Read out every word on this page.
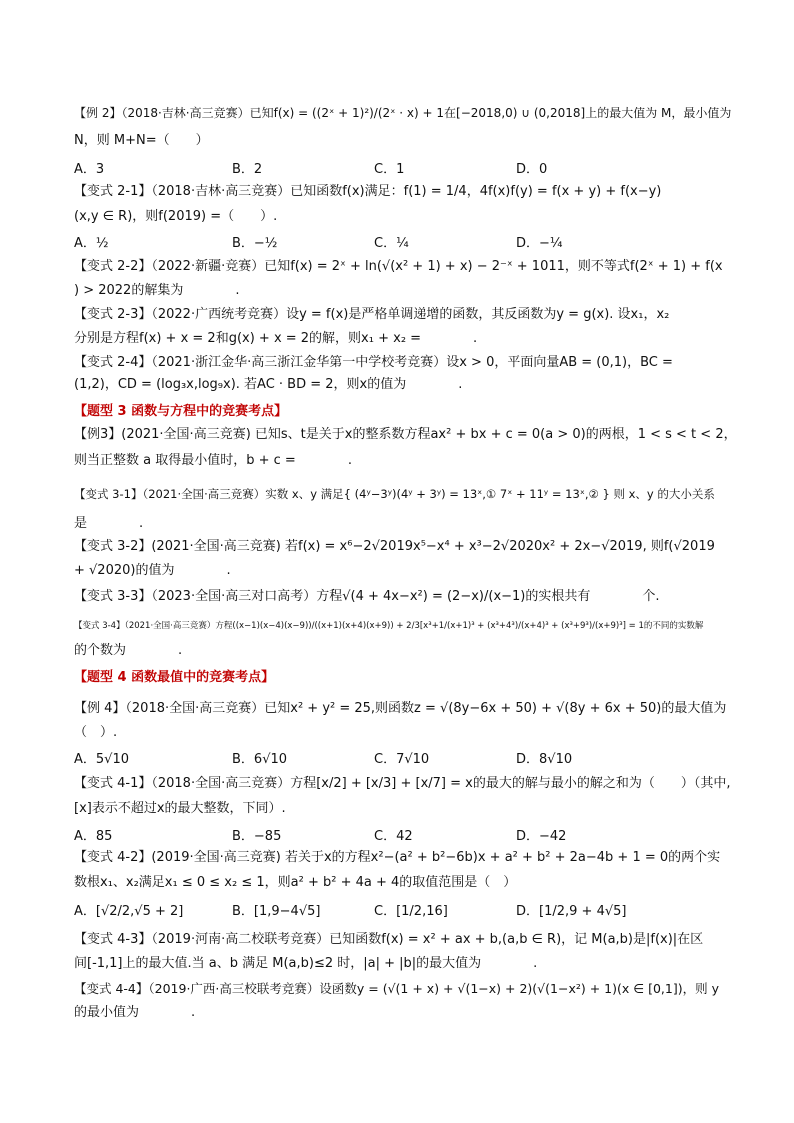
【例 2】（2018·吉林·高三竞赛）已知f(x) = ((2ˣ + 1)²)/(2ˣ · x) + 1在[−2018,0) ∪ (0,2018]上的最大值为 M，最小值为
N，则 M+N=（　　）
A．3	B．2	C．1	D．0
【变式 2-1】（2018·吉林·高三竞赛）已知函数f(x)满足：f(1) = 1/4，4f(x)f(y) = f(x + y) + f(x−y)
(x,y ∈ R)，则f(2019) =（　　）.
A．½	B．−½	C．¼	D．−¼
【变式 2-2】（2022·新疆·竞赛）已知f(x) = 2ˣ + ln(√(x² + 1) + x) − 2⁻ˣ + 1011，则不等式f(2ˣ + 1) + f(x
) > 2022的解集为　　　　.
【变式 2-3】（2022·广西统考竞赛）设y = f(x)是严格单调递增的函数，其反函数为y = g(x). 设x₁，x₂
分别是方程f(x) + x = 2和g(x) + x = 2的解，则x₁ + x₂ =　　　　.
【变式 2-4】（2021·浙江金华·高三浙江金华第一中学校考竞赛）设x > 0，平面向量AB = (0,1)，BC =
(1,2)，CD = (log₃x,log₉x). 若AC · BD = 2，则x的值为　　　　.
【题型 3 函数与方程中的竞赛考点】
【例3】(2021·全国·高三竞赛) 已知s、t是关于x的整系数方程ax² + bx + c = 0(a > 0)的两根，1 < s < t < 2，
则当正整数 a 取得最小值时，b + c =　　　　.
【变式 3-1】（2021·全国·高三竞赛）实数 x、y 满足{ (4ʸ−3ʸ)(4ʸ + 3ʸ) = 13ˣ,① 7ˣ + 11ʸ = 13ˣ,② } 则 x、y 的大小关系
是　　　　.
【变式 3-2】(2021·全国·高三竞赛) 若f(x) = x⁶−2√2019x⁵−x⁴ + x³−2√2020x² + 2x−√2019, 则f(√2019
+ √2020)的值为　　　　.
【变式 3-3】（2023·全国·高三对口高考）方程√(4 + 4x−x²) = (2−x)/(x−1)的实根共有　　　　个.
【变式 3-4】（2021·全国·高三竞赛）方程((x−1)(x−4)(x−9))/((x+1)(x+4)(x+9)) + 2/3[x³+1/(x+1)³ + (x³+4³)/(x+4)³ + (x³+9³)/(x+9)³] = 1的不同的实数解
的个数为　　　　.
【题型 4 函数最值中的竞赛考点】
【例 4】（2018·全国·高三竞赛）已知x² + y² = 25,则函数z = √(8y−6x + 50) + √(8y + 6x + 50)的最大值为
（　）.
A．5√10	B．6√10	C．7√10	D．8√10
【变式 4-1】（2018·全国·高三竞赛）方程[x/2] + [x/3] + [x/7] = x的最大的解与最小的解之和为（　　）（其中,
[x]表示不超过x的最大整数，下同）.
A．85	B．−85	C．42	D．−42
【变式 4-2】(2019·全国·高三竞赛) 若关于x的方程x²−(a² + b²−6b)x + a² + b² + 2a−4b + 1 = 0的两个实
数根x₁、x₂满足x₁ ≤ 0 ≤ x₂ ≤ 1，则a² + b² + 4a + 4的取值范围是（　）
A．[√2/2,√5 + 2]	B．[1,9−4√5]	C．[1/2,16]	D．[1/2,9 + 4√5]
【变式 4-3】（2019·河南·高二校联考竞赛）已知函数f(x) = x² + ax + b,(a,b ∈ R)，记 M(a,b)是|f(x)|在区
间[-1,1]上的最大值.当 a、b 满足 M(a,b)≤2 时，|a| + |b|的最大值为　　　　.
【变式 4-4】（2019·广西·高三校联考竞赛）设函数y = (√(1 + x) + √(1−x) + 2)(√(1−x²) + 1)(x ∈ [0,1])，则 y
的最小值为　　　　.
